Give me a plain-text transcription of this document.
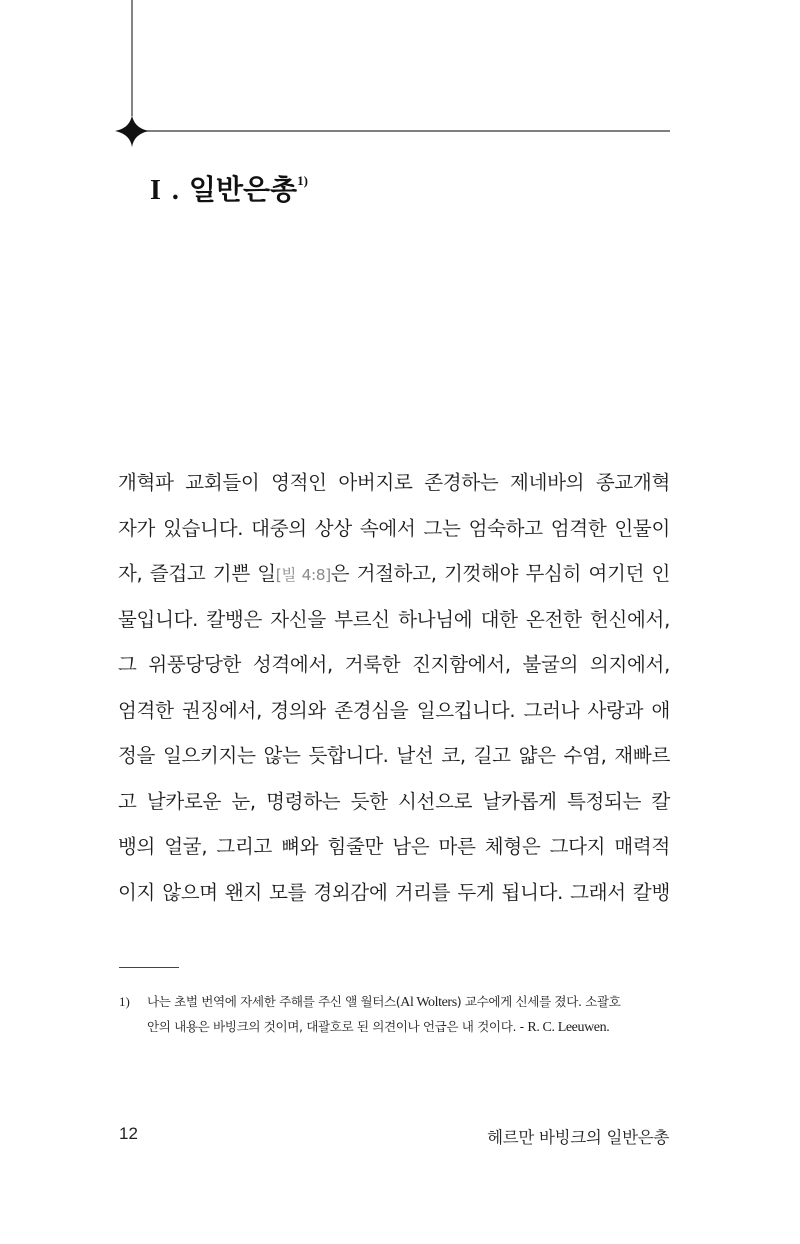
I . 일반은총$^{1)}$
개혁파 교회들이 영적인 아버지로 존경하는 제네바의 종교개혁
자가 있습니다. 대중의 상상 속에서 그는 엄숙하고 엄격한 인물이
자, 즐겁고 기쁜 일[빌 4:8]은 거절하고, 기껏해야 무심히 여기던 인
물입니다. 칼뱅은 자신을 부르신 하나님에 대한 온전한 헌신에서,
그 위풍당당한 성격에서, 거룩한 진지함에서, 불굴의 의지에서,
엄격한 권징에서, 경의와 존경심을 일으킵니다. 그러나 사랑과 애
정을 일으키지는 않는 듯합니다. 날선 코, 길고 얇은 수염, 재빠르
고 날카로운 눈, 명령하는 듯한 시선으로 날카롭게 특정되는 칼
뱅의 얼굴, 그리고 뼈와 힘줄만 남은 마른 체형은 그다지 매력적
이지 않으며 왠지 모를 경외감에 거리를 두게 됩니다. 그래서 칼뱅
1) 나는 초벌 번역에 자세한 주해를 주신 앨 월터스(Al Wolters) 교수에게 신세를 졌다. 소괄호
안의 내용은 바빙크의 것이며, 대괄호로 된 의견이나 언급은 내 것이다. - R. C. Leeuwen.
12	헤르만 바빙크의 일반은총
